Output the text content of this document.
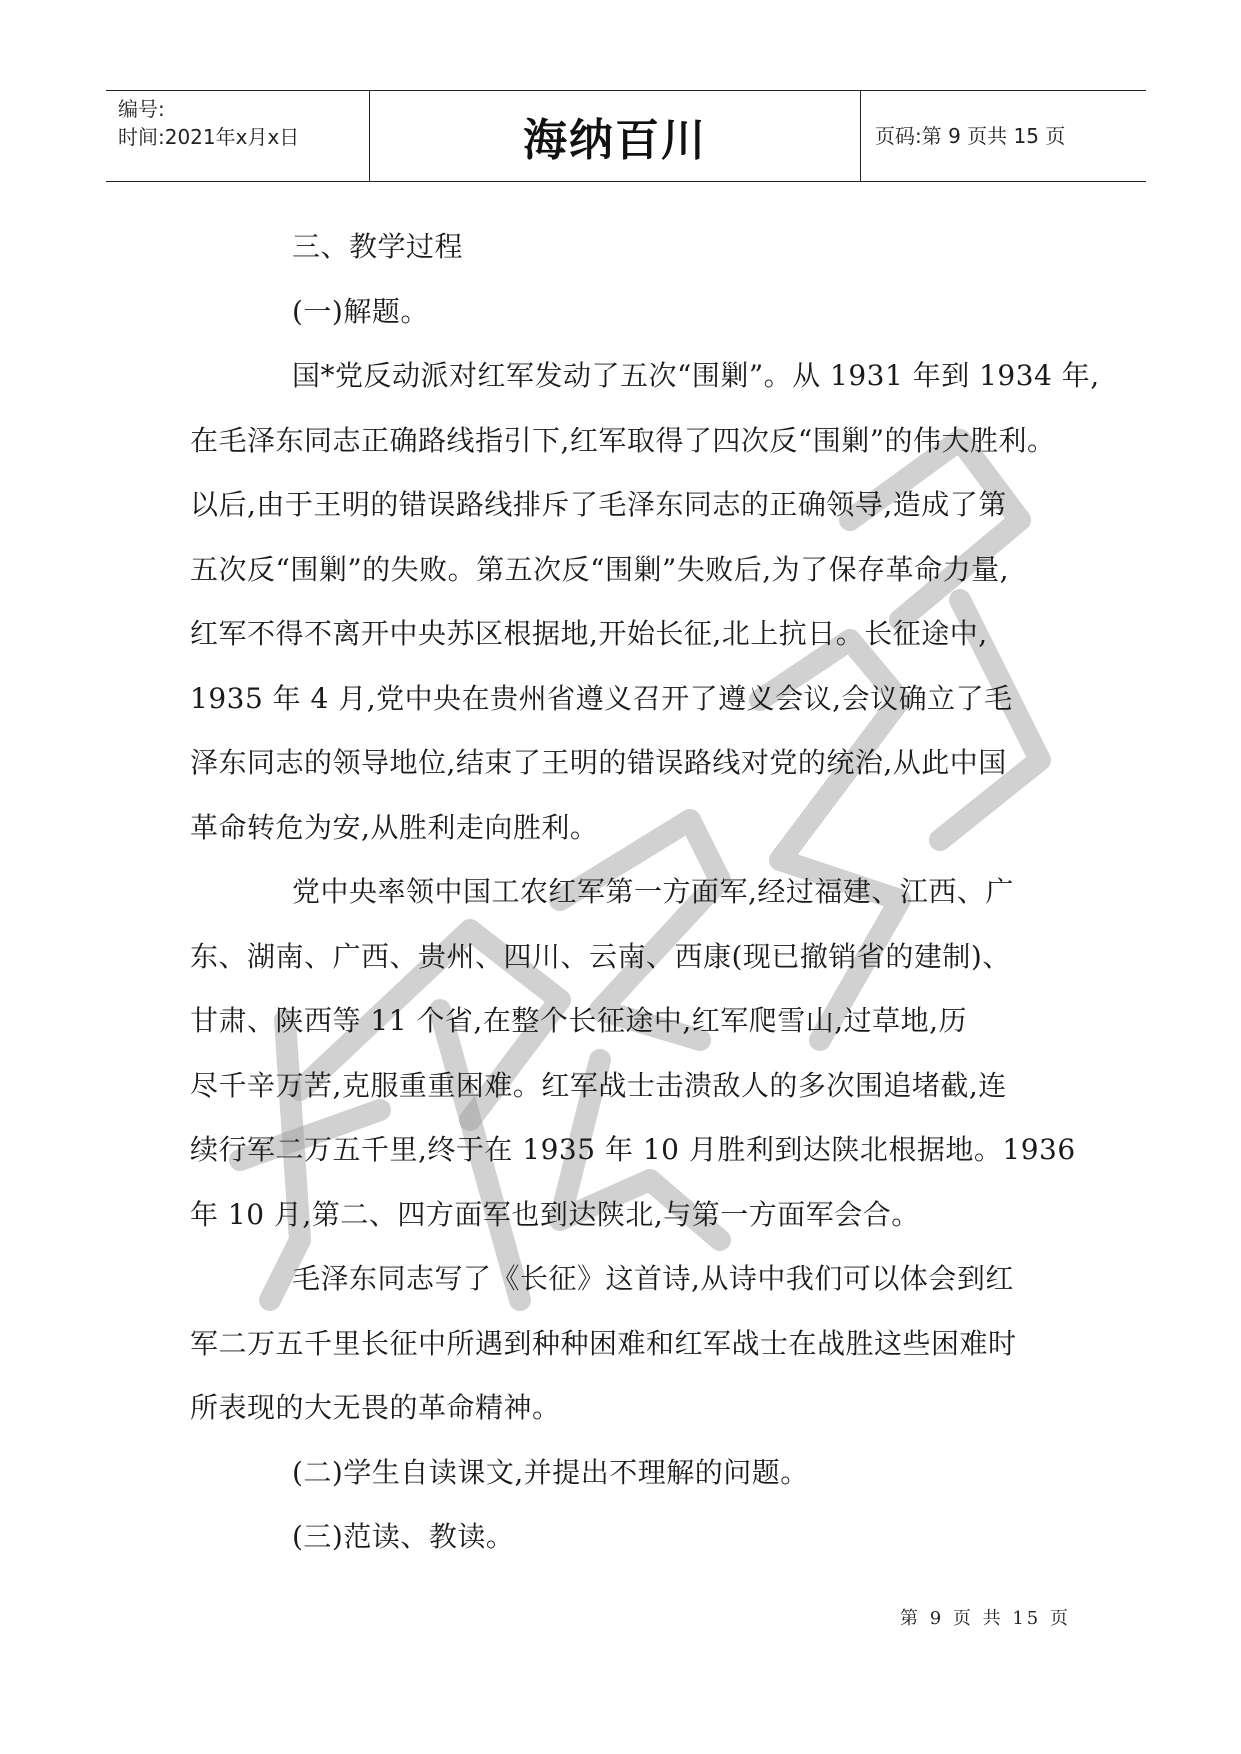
编号:
时间:2021年x月x日	海纳百川	页码:第 9 页共 15 页
三、教学过程
(一)解题。
国*党反动派对红军发动了五次“围剿”。从 1931 年到 1934 年,
在毛泽东同志正确路线指引下,红军取得了四次反“围剿”的伟大胜利。
以后,由于王明的错误路线排斥了毛泽东同志的正确领导,造成了第
五次反“围剿”的失败。第五次反“围剿”失败后,为了保存革命力量,
红军不得不离开中央苏区根据地,开始长征,北上抗日。长征途中,
1935 年 4 月,党中央在贵州省遵义召开了遵义会议,会议确立了毛
泽东同志的领导地位,结束了王明的错误路线对党的统治,从此中国
革命转危为安,从胜利走向胜利。
党中央率领中国工农红军第一方面军,经过福建、江西、广
东、湖南、广西、贵州、四川、云南、西康(现已撤销省的建制)、
甘肃、陕西等 11 个省,在整个长征途中,红军爬雪山,过草地,历
尽千辛万苦,克服重重困难。红军战士击溃敌人的多次围追堵截,连
续行军二万五千里,终于在 1935 年 10 月胜利到达陕北根据地。1936
年 10 月,第二、四方面军也到达陕北,与第一方面军会合。
毛泽东同志写了《长征》这首诗,从诗中我们可以体会到红
军二万五千里长征中所遇到种种困难和红军战士在战胜这些困难时
所表现的大无畏的革命精神。
(二)学生自读课文,并提出不理解的问题。
(三)范读、教读。
第 9 页 共 15 页
